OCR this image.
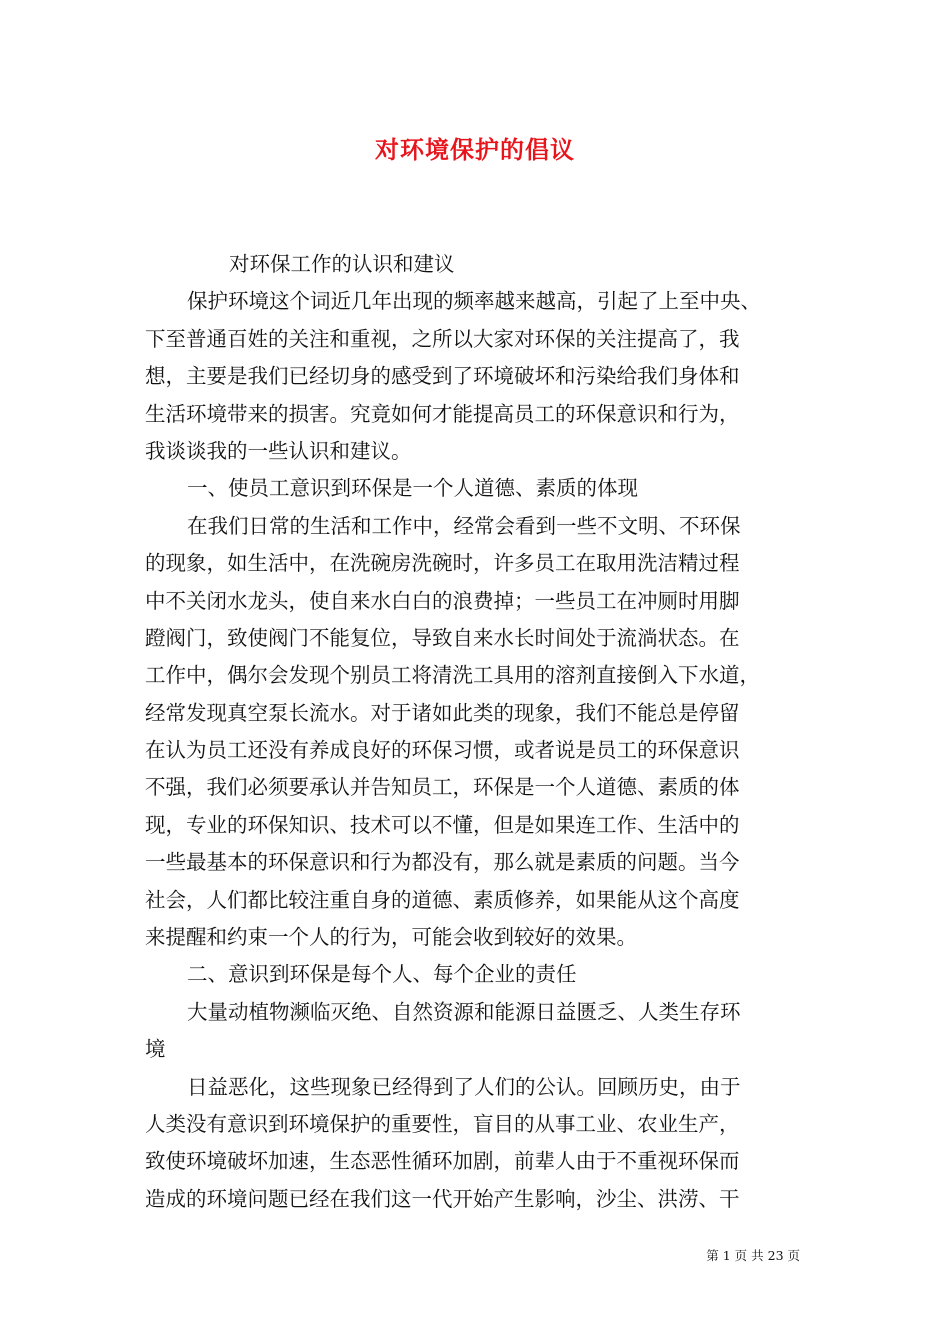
对环境保护的倡议
对环保工作的认识和建议
保护环境这个词近几年出现的频率越来越高，引起了上至中央、
下至普通百姓的关注和重视，之所以大家对环保的关注提高了，我
想，主要是我们已经切身的感受到了环境破坏和污染给我们身体和
生活环境带来的损害。究竟如何才能提高员工的环保意识和行为，
我谈谈我的一些认识和建议。
一、使员工意识到环保是一个人道德、素质的体现
在我们日常的生活和工作中，经常会看到一些不文明、不环保
的现象，如生活中，在洗碗房洗碗时，许多员工在取用洗洁精过程
中不关闭水龙头，使自来水白白的浪费掉；一些员工在冲厕时用脚
蹬阀门，致使阀门不能复位，导致自来水长时间处于流淌状态。在
工作中，偶尔会发现个别员工将清洗工具用的溶剂直接倒入下水道，
经常发现真空泵长流水。对于诸如此类的现象，我们不能总是停留
在认为员工还没有养成良好的环保习惯，或者说是员工的环保意识
不强，我们必须要承认并告知员工，环保是一个人道德、素质的体
现，专业的环保知识、技术可以不懂，但是如果连工作、生活中的
一些最基本的环保意识和行为都没有，那么就是素质的问题。当今
社会，人们都比较注重自身的道德、素质修养，如果能从这个高度
来提醒和约束一个人的行为，可能会收到较好的效果。
二、意识到环保是每个人、每个企业的责任
大量动植物濒临灭绝、自然资源和能源日益匮乏、人类生存环
境
日益恶化，这些现象已经得到了人们的公认。回顾历史，由于
人类没有意识到环境保护的重要性，盲目的从事工业、农业生产，
致使环境破坏加速，生态恶性循环加剧，前辈人由于不重视环保而
造成的环境问题已经在我们这一代开始产生影响，沙尘、洪涝、干
第 1 页 共 23 页
